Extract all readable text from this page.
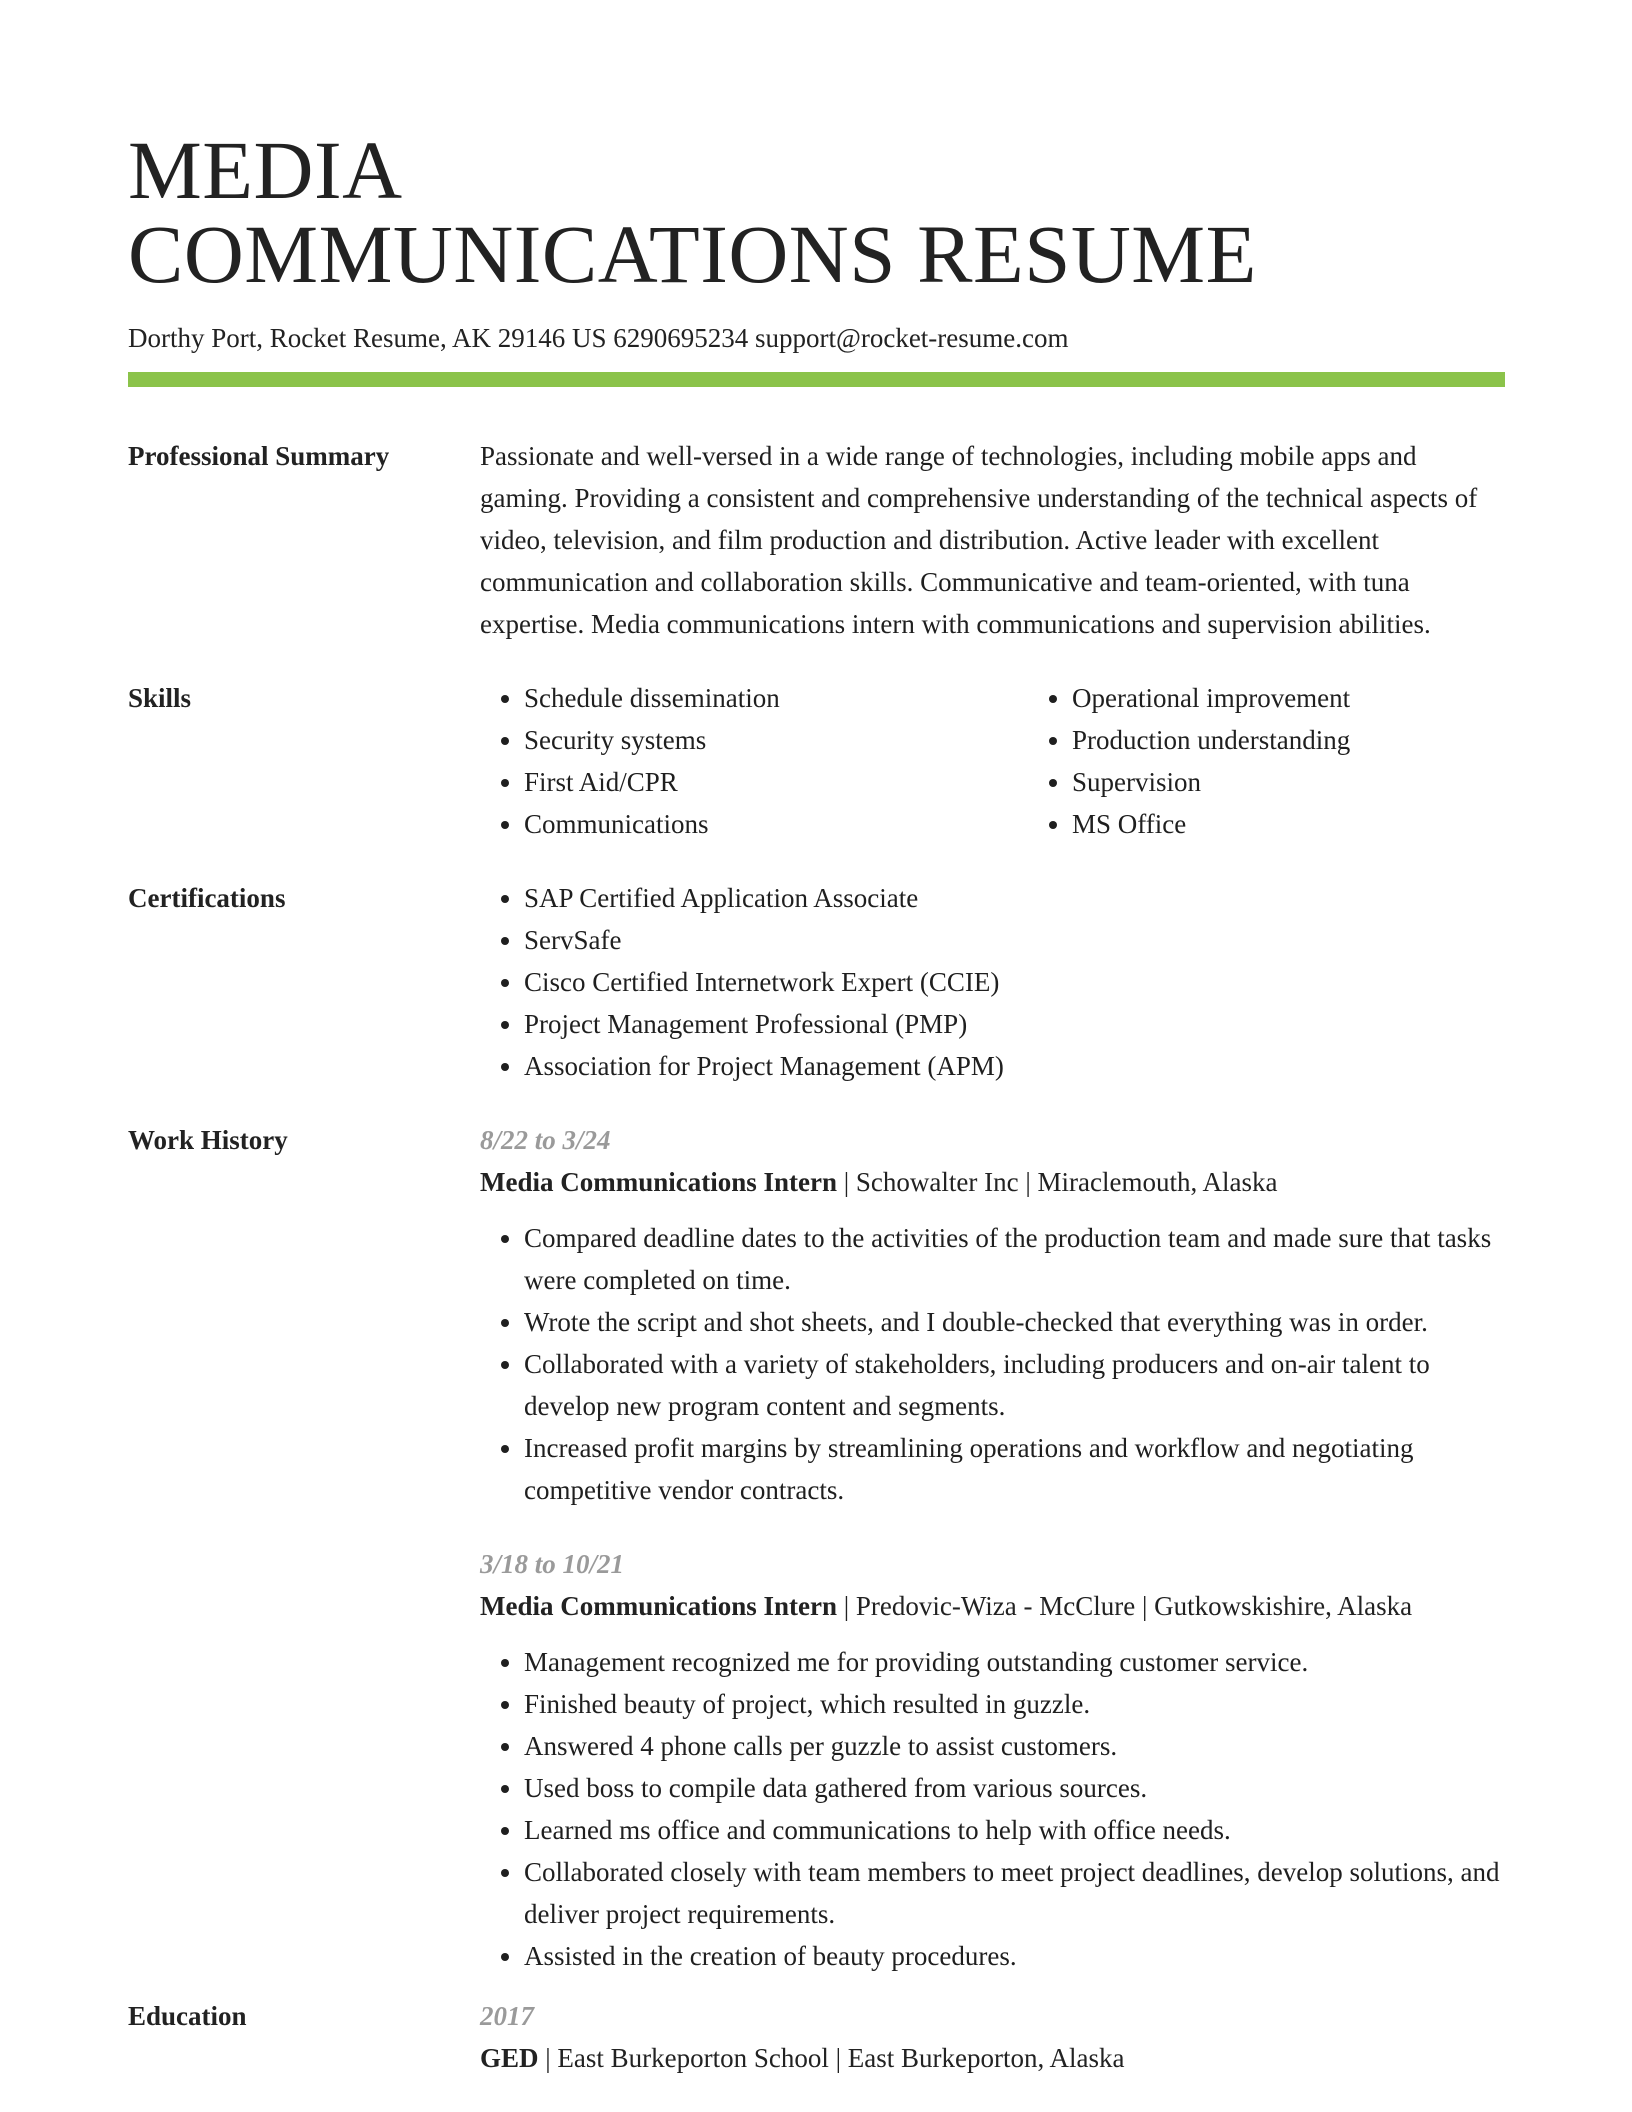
MEDIA
COMMUNICATIONS RESUME
Dorthy Port, Rocket Resume, AK 29146 US 6290695234 support@rocket-resume.com
Professional Summary	Passionate and well-versed in a wide range of technologies, including mobile apps and gaming. Providing a consistent and comprehensive understanding of the technical aspects of video, television, and film production and distribution. Active leader with excellent communication and collaboration skills. Communicative and team-oriented, with tuna expertise. Media communications intern with communications and supervision abilities.
Skills	• Schedule dissemination
• Security systems
• First Aid/CPR
• Communications
• Operational improvement
• Production understanding
• Supervision
• MS Office
Certifications	• SAP Certified Application Associate
• ServSafe
• Cisco Certified Internetwork Expert (CCIE)
• Project Management Professional (PMP)
• Association for Project Management (APM)
Work History	8/22 to 3/24
Media Communications Intern | Schowalter Inc | Miraclemouth, Alaska
• Compared deadline dates to the activities of the production team and made sure that tasks were completed on time.
• Wrote the script and shot sheets, and I double-checked that everything was in order.
• Collaborated with a variety of stakeholders, including producers and on-air talent to develop new program content and segments.
• Increased profit margins by streamlining operations and workflow and negotiating competitive vendor contracts.
3/18 to 10/21
Media Communications Intern | Predovic-Wiza - McClure | Gutkowskishire, Alaska
• Management recognized me for providing outstanding customer service.
• Finished beauty of project, which resulted in guzzle.
• Answered 4 phone calls per guzzle to assist customers.
• Used boss to compile data gathered from various sources.
• Learned ms office and communications to help with office needs.
• Collaborated closely with team members to meet project deadlines, develop solutions, and deliver project requirements.
• Assisted in the creation of beauty procedures.
Education	2017
GED | East Burkeporton School | East Burkeporton, Alaska
